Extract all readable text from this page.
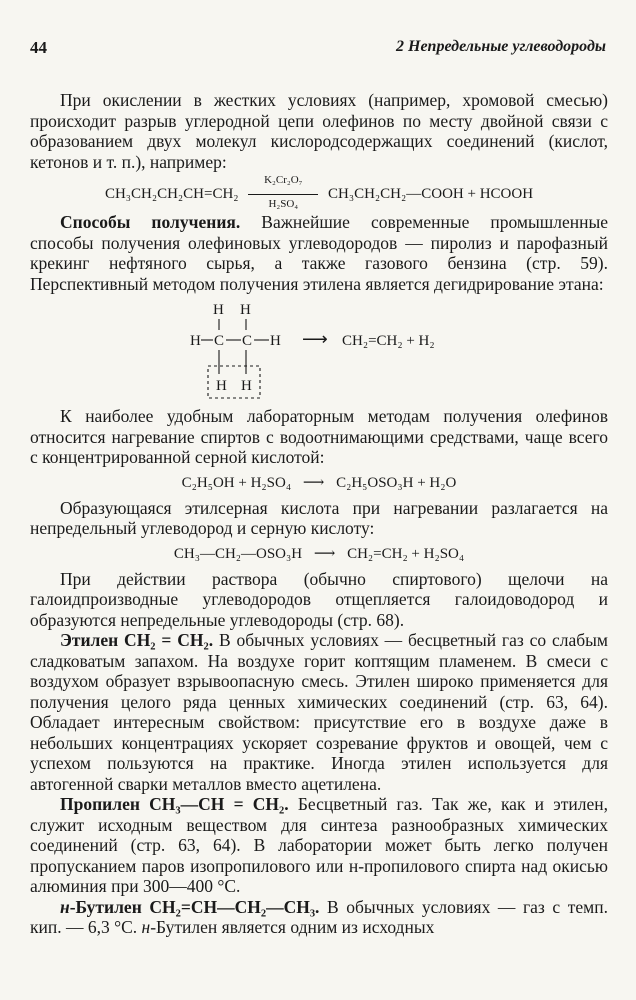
44	2 Непредельные углеводороды

При окислении в жестких условиях (например, хромовой смесью) происходит разрыв углеродной цепи олефинов по месту двойной связи с образованием двух молекул кислородсодержащих соединений (кислот, кетонов и т. п.), например:

$CH_3CH_2CH_2CH=CH_2 \frac{\text{K₂Cr₂O₇}}{\text{H₂SO₄}}$ CH₃CH₂CH₂—COOH + HCOOH

Способы получения. Важнейшие современные промышленные способы получения олефиновых углеводородов — пиролиз и парофазный крекинг нефтяного сырья, а также газового бензина (стр. 59). Перспективный методом получения этилена является дегидрирование этана:

H H
H C C H
H H
⟶ CH₂=CH₂ + H₂

К наиболее удобным лабораторным методам получения олефинов относится нагревание спиртов с водоотнимающими средствами, чаще всего с концентрированной серной кислотой:

C₂H₅OH + H₂SO₄ ⟶ C₂H₅OSO₃H + H₂O

Образующаяся этилсерная кислота при нагревании разлагается на непредельный углеводород и серную кислоту:

CH₃—CH₂—OSO₃H ⟶ CH₂=CH₂ + H₂SO₄

При действии раствора (обычно спиртового) щелочи на галоидпроизводные углеводородов отщепляется галоидоводород и образуются непредельные углеводороды (стр. 68).

Этилен CH₂ = CH₂. В обычных условиях — бесцветный газ со слабым сладковатым запахом. На воздухе горит коптящим пламенем. В смеси с воздухом образует взрывоопасную смесь. Этилен широко применяется для получения целого ряда ценных химических соединений (стр. 63, 64). Обладает интересным свойством: присутствие его в воздухе даже в небольших концентрациях ускоряет созревание фруктов и овощей, чем с успехом пользуются на практике. Иногда этилен используется для автогенной сварки металлов вместо ацетилена.

Пропилен CH₃—CH = CH₂. Бесцветный газ. Так же, как и этилен, служит исходным веществом для синтеза разнообразных химических соединений (стр. 63, 64). В лаборатории может быть легко получен пропусканием паров изопропилового или н-пропилового спирта над окисью алюминия при 300—400 °C.

н-Бутилен CH₂=CH—CH₂—CH₃. В обычных условиях — газ с темп. кип. — 6,3 °C. н-Бутилен является одним из исходных
